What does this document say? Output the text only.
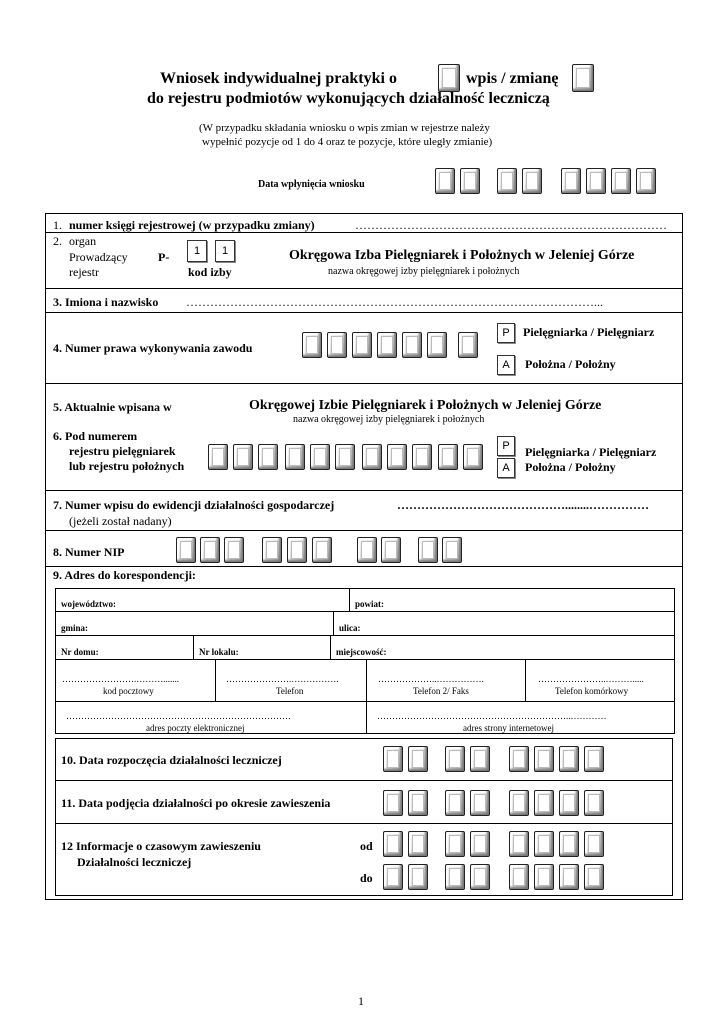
Wniosek indywidualnej praktyki o	wpis / zmianę
do rejestru podmiotów wykonujących działalność leczniczą
(W przypadku składania wniosku o wpis zmian w rejestrze należy
wypełnić pozycje od 1 do 4 oraz te pozycje, które uległy zmianie)
Data wpłynięcia wniosku
1. numer księgi rejestrowej (w przypadku zmiany)	……………………………………………………………………
2. organ
Prowadzący
rejestr
P-	1	1
kod izby
Okręgowa Izba Pielęgniarek i Położnych w Jeleniej Górze
nazwa okręgowej izby pielęgniarek i położnych
3. Imiona i nazwisko …………………………………………………………………………………………...
4. Numer prawa wykonywania zawodu
P	Pielęgniarka / Pielęgniarz
A	Położna / Położny
5. Aktualnie wpisana w	Okręgowej Izbie Pielęgniarek i Położnych w Jeleniej Górze
nazwa okręgowej izby pielęgniarek i położnych
6. Pod numerem
rejestru pielęgniarek
lub rejestru położnych
P
A
Pielęgniarka / Pielęgniarz
Położna / Położny
7. Numer wpisu do ewidencji działalności gospodarczej
(jeżeli został nadany)
……………………………………........……………
8. Numer NIP
9. Adres do korespondencji:
województwo:	powiat:
gmina:	ulica:
Nr domu:	Nr lokalu:	miejscowość:
…………………….……….......	………………….…………….	………………..…………….	…………………..……….....
kod pocztowy	Telefon	Telefon 2/ Faks	Telefon komórkowy
…………………………………………………………………	………………………………………………………..…………
adres poczty elektronicznej	adres strony internetowej
10. Data rozpoczęcia działalności leczniczej
11. Data podjęcia działalności po okresie zawieszenia
12 Informacje o czasowym zawieszeniu
Działalności leczniczej
od
do
1
